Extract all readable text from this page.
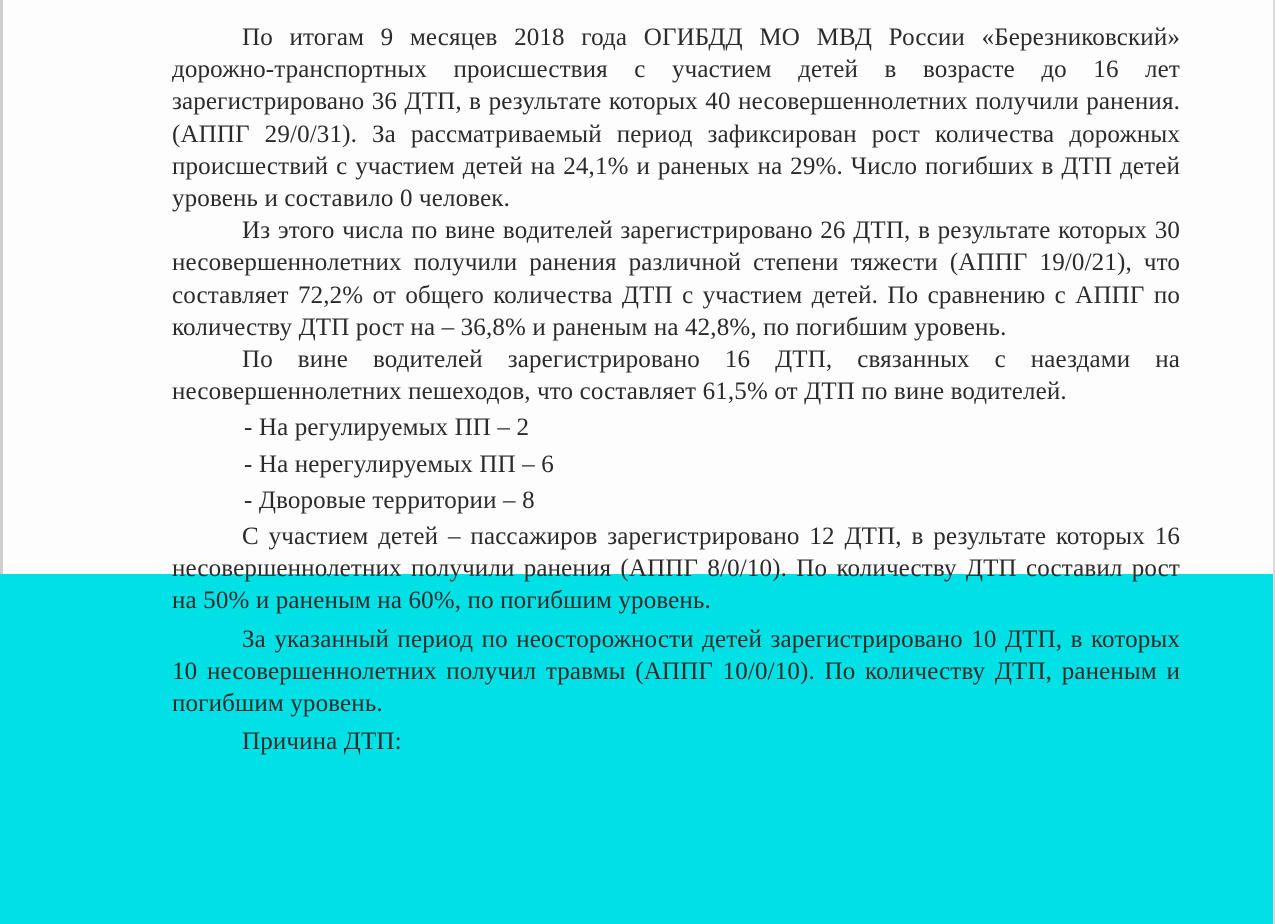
По итогам 9 месяцев 2018 года ОГИБДД МО МВД России «Березниковский» дорожно-транспортных происшествия с участием детей в возрасте до 16 лет зарегистрировано 36 ДТП, в результате которых 40 несовершеннолетних получили ранения. (АППГ 29/0/31). За рассматриваемый период зафиксирован рост количества дорожных происшествий с участием детей на 24,1% и раненых на 29%. Число погибших в ДТП детей уровень и составило 0 человек.

Из этого числа по вине водителей зарегистрировано 26 ДТП, в результате которых 30 несовершеннолетних получили ранения различной степени тяжести (АППГ 19/0/21), что составляет 72,2% от общего количества ДТП с участием детей. По сравнению с АППГ по количеству ДТП рост на – 36,8% и раненым на 42,8%, по погибшим уровень.

По вине водителей зарегистрировано 16 ДТП, связанных с наездами на несовершеннолетних пешеходов, что составляет 61,5% от ДТП по вине водителей.

- На регулируемых ПП – 2

- На нерегулируемых ПП – 6

- Дворовые территории – 8

С участием детей – пассажиров зарегистрировано 12 ДТП, в результате которых 16 несовершеннолетних получили ранения (АППГ 8/0/10). По количеству ДТП составил рост на 50% и раненым на 60%, по погибшим уровень.

За указанный период по неосторожности детей зарегистрировано 10 ДТП, в которых 10 несовершеннолетних получил травмы (АППГ 10/0/10). По количеству ДТП, раненым и погибшим уровень.

Причина ДТП:
